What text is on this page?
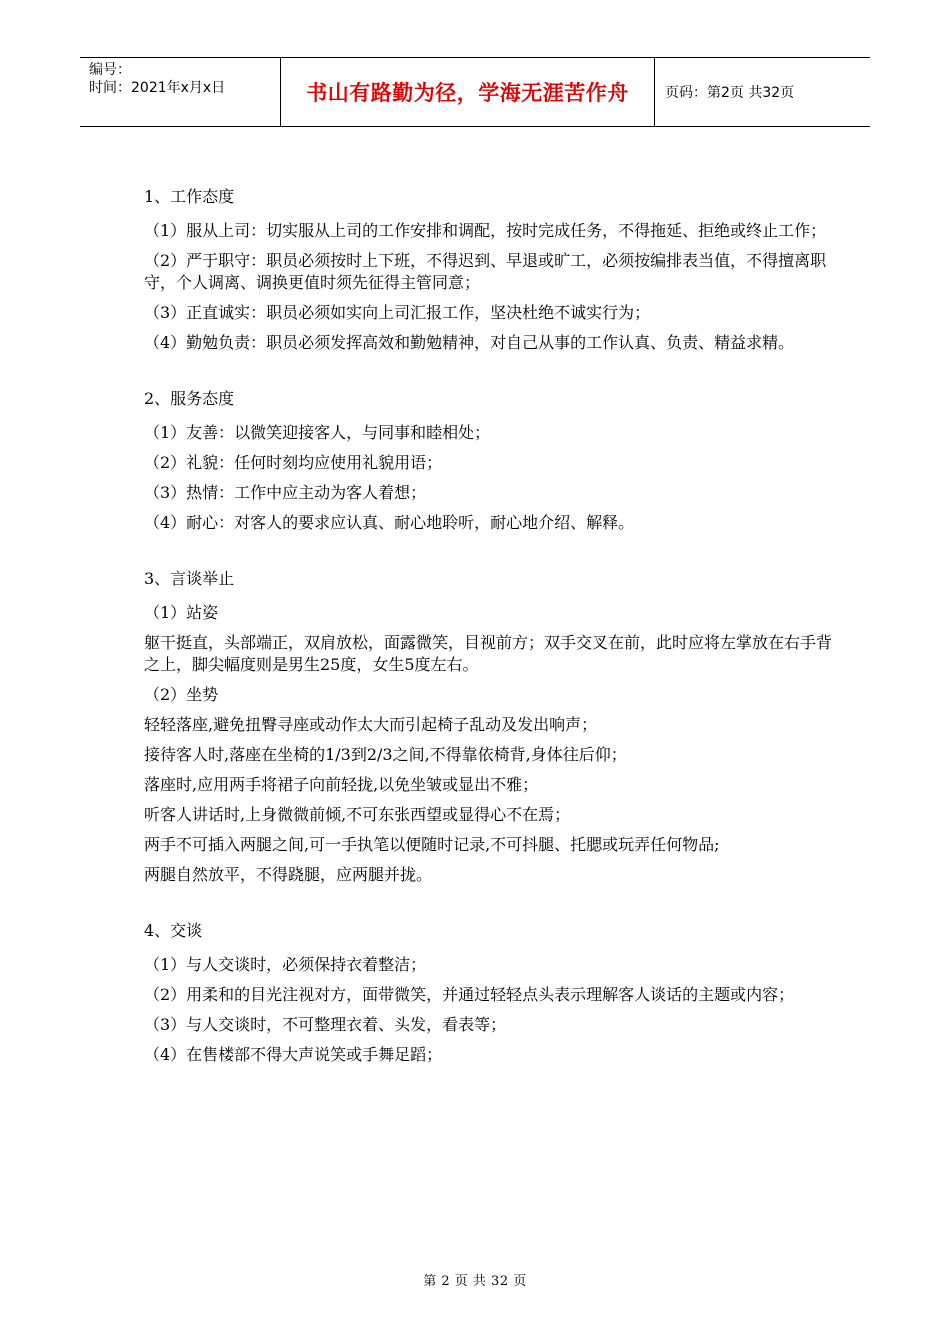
编号：
时间：2021年x月x日	书山有路勤为径，学海无涯苦作舟	页码：第2页 共32页

1、工作态度

（1）服从上司：切实服从上司的工作安排和调配，按时完成任务，不得拖延、拒绝或终止工作；

（2）严于职守：职员必须按时上下班，不得迟到、早退或旷工，必须按编排表当值，不得擅离职守，个人调离、调换更值时须先征得主管同意；

（3）正直诚实：职员必须如实向上司汇报工作，坚决杜绝不诚实行为；

（4）勤勉负责：职员必须发挥高效和勤勉精神，对自己从事的工作认真、负责、精益求精。

2、服务态度

（1）友善：以微笑迎接客人，与同事和睦相处；

（2）礼貌：任何时刻均应使用礼貌用语；

（3）热情：工作中应主动为客人着想；

（4）耐心：对客人的要求应认真、耐心地聆听，耐心地介绍、解释。

3、言谈举止

（1）站姿

躯干挺直，头部端正，双肩放松，面露微笑，目视前方；双手交叉在前，此时应将左掌放在右手背之上，脚尖幅度则是男生25度，女生5度左右。

（2）坐势

轻轻落座,避免扭臀寻座或动作太大而引起椅子乱动及发出响声；

接待客人时,落座在坐椅的1/3到2/3之间,不得靠依椅背,身体往后仰；

落座时,应用两手将裙子向前轻拢,以免坐皱或显出不雅；

听客人讲话时,上身微微前倾,不可东张西望或显得心不在焉；

两手不可插入两腿之间,可一手执笔以便随时记录,不可抖腿、托腮或玩弄任何物品;

两腿自然放平，不得跷腿，应两腿并拢。

4、交谈

（1）与人交谈时，必须保持衣着整洁；

（2）用柔和的目光注视对方，面带微笑，并通过轻轻点头表示理解客人谈话的主题或内容；

（3）与人交谈时，不可整理衣着、头发，看表等；

（4）在售楼部不得大声说笑或手舞足蹈；

第 2 页 共 32 页
